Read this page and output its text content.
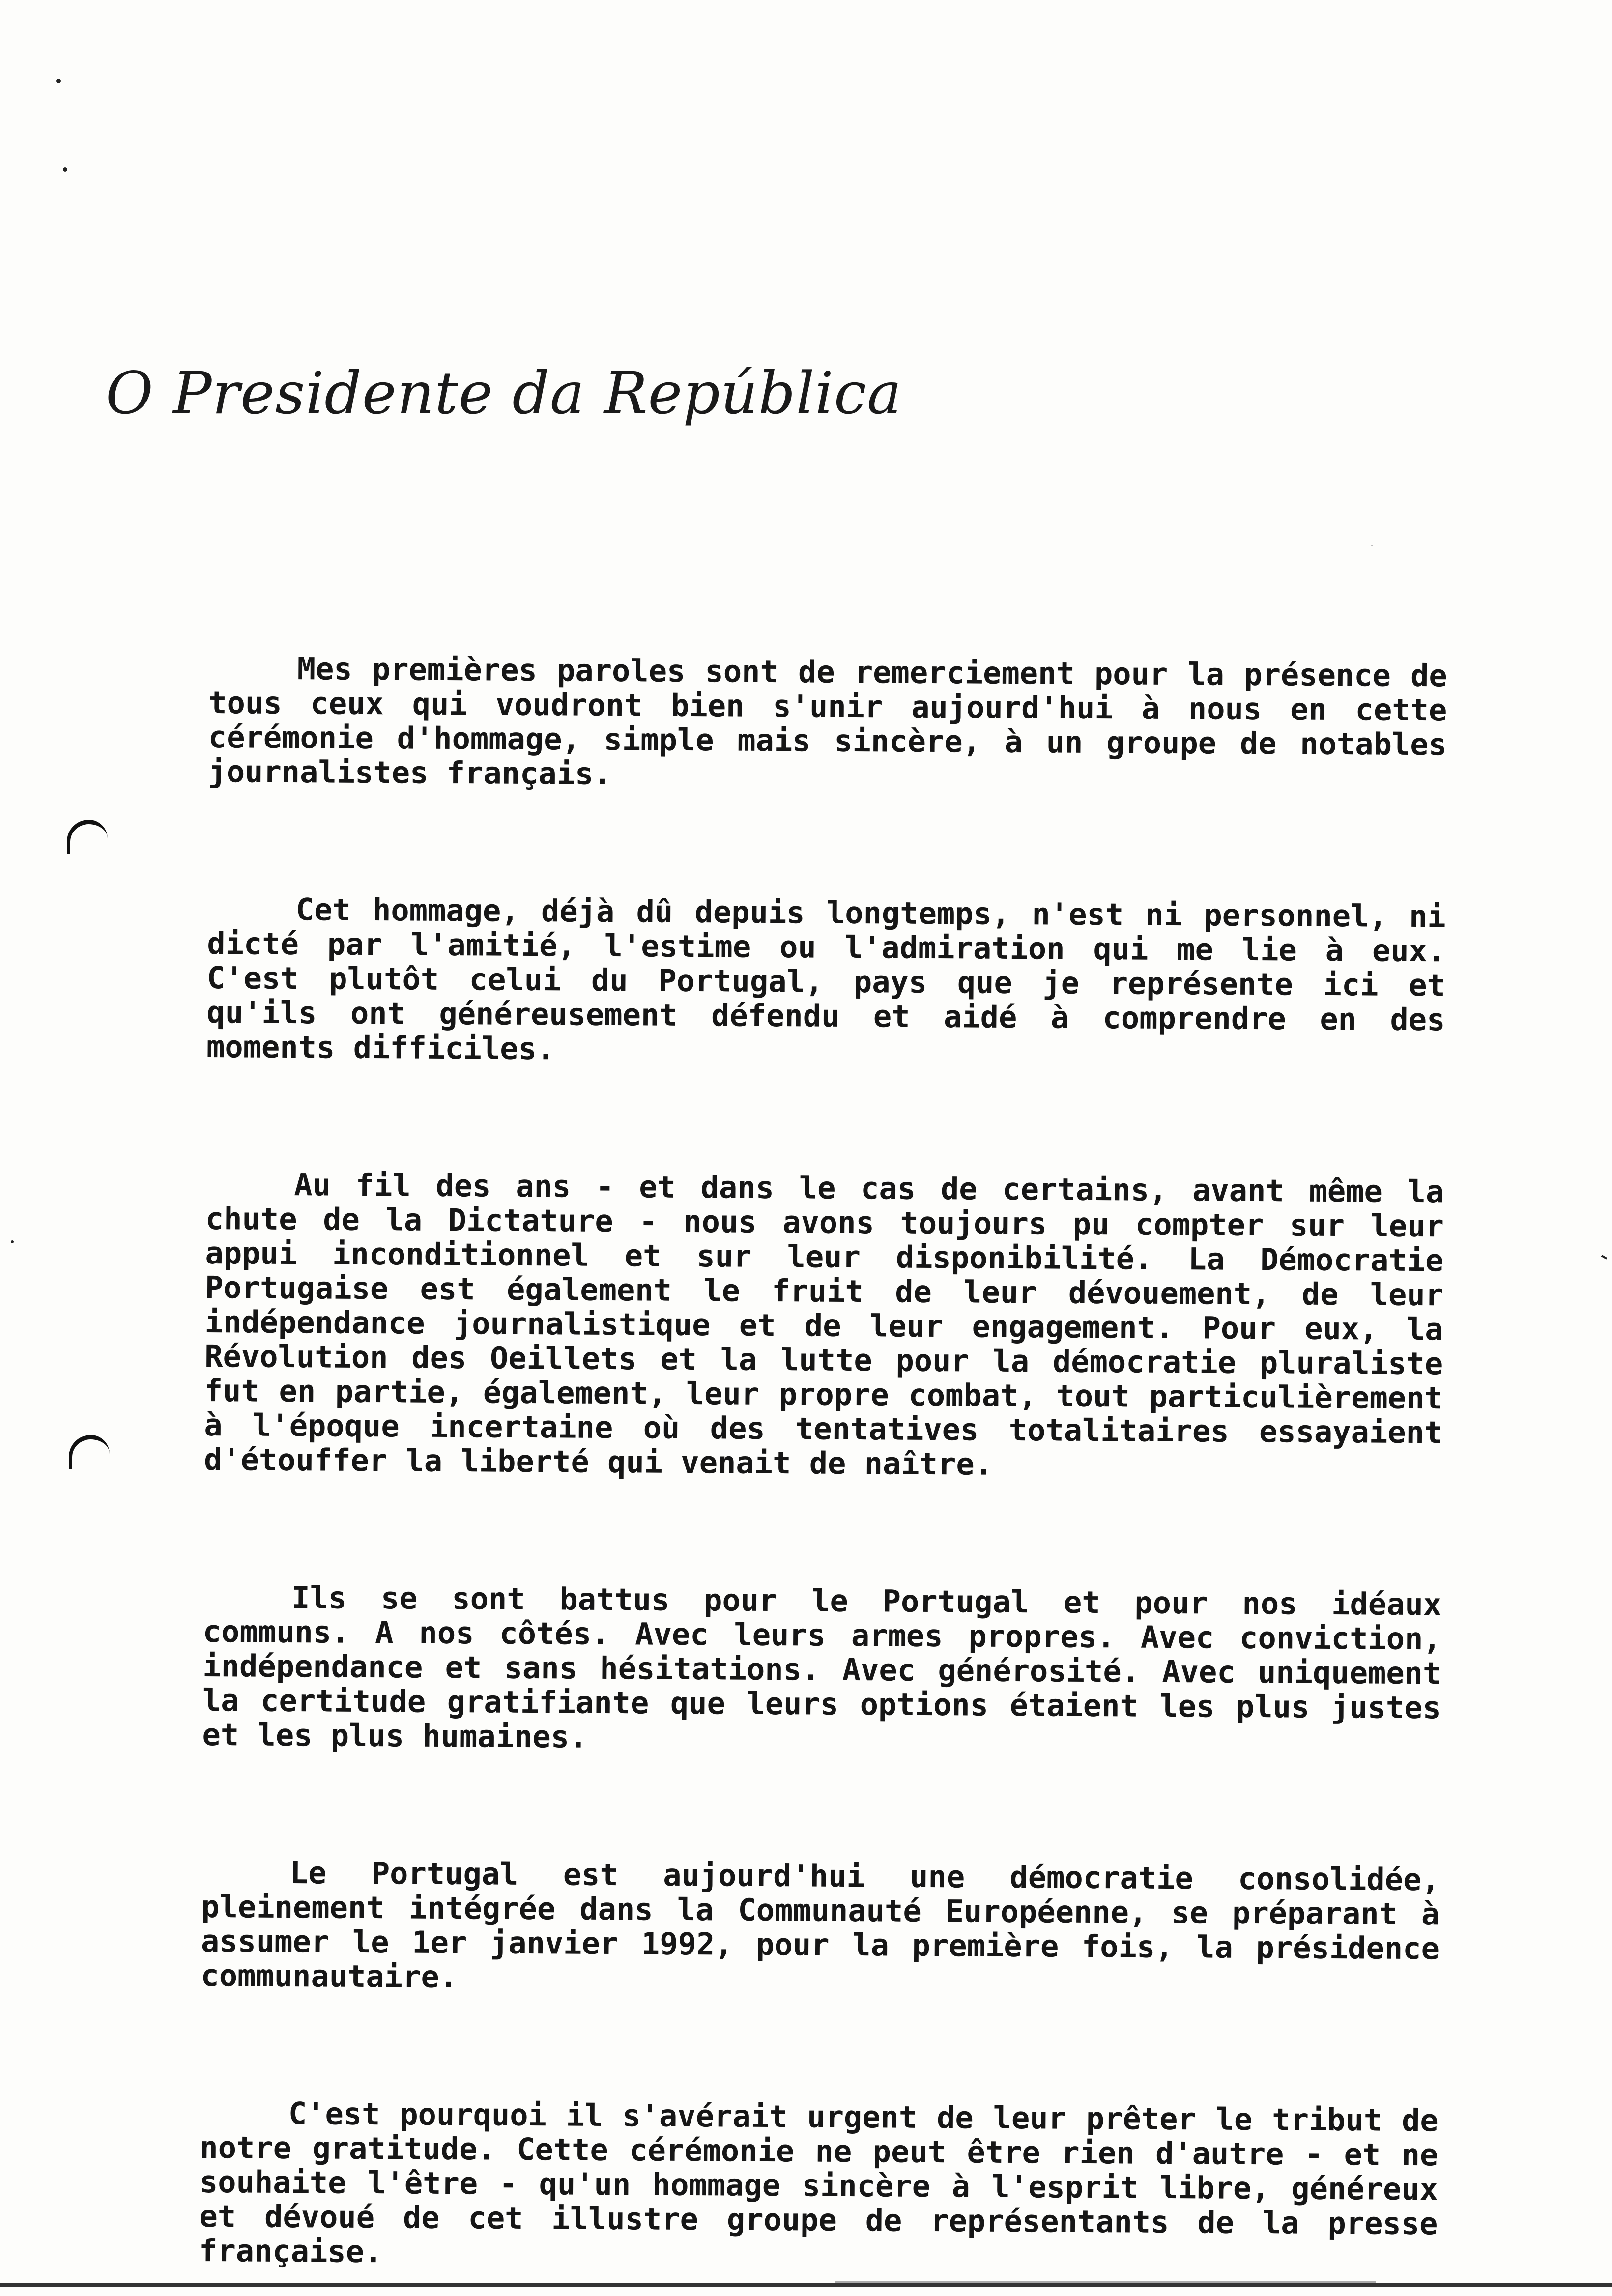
O Presidente da República

Mes premières paroles sont de remerciement pour la présence de tous ceux qui voudront bien s'unir aujourd'hui à nous en cette cérémonie d'hommage, simple mais sincère, à un groupe de notables journalistes français.

Cet hommage, déjà dû depuis longtemps, n'est ni personnel, ni dicté par l'amitié, l'estime ou l'admiration qui me lie à eux. C'est plutôt celui du Portugal, pays que je représente ici et qu'ils ont généreusement défendu et aidé à comprendre en des moments difficiles.

Au fil des ans - et dans le cas de certains, avant même la chute de la Dictature - nous avons toujours pu compter sur leur appui inconditionnel et sur leur disponibilité. La Démocratie Portugaise est également le fruit de leur dévouement, de leur indépendance journalistique et de leur engagement. Pour eux, la Révolution des Oeillets et la lutte pour la démocratie pluraliste fut en partie, également, leur propre combat, tout particulièrement à l'époque incertaine où des tentatives totalitaires essayaient d'étouffer la liberté qui venait de naître.

Ils se sont battus pour le Portugal et pour nos idéaux communs. A nos côtés. Avec leurs armes propres. Avec conviction, indépendance et sans hésitations. Avec générosité. Avec uniquement la certitude gratifiante que leurs options étaient les plus justes et les plus humaines.

Le Portugal est aujourd'hui une démocratie consolidée, pleinement intégrée dans la Communauté Européenne, se préparant à assumer le 1er janvier 1992, pour la première fois, la présidence communautaire.

C'est pourquoi il s'avérait urgent de leur prêter le tribut de notre gratitude. Cette cérémonie ne peut être rien d'autre - et ne souhaite l'être - qu'un hommage sincère à l'esprit libre, généreux et dévoué de cet illustre groupe de représentants de la presse française.
